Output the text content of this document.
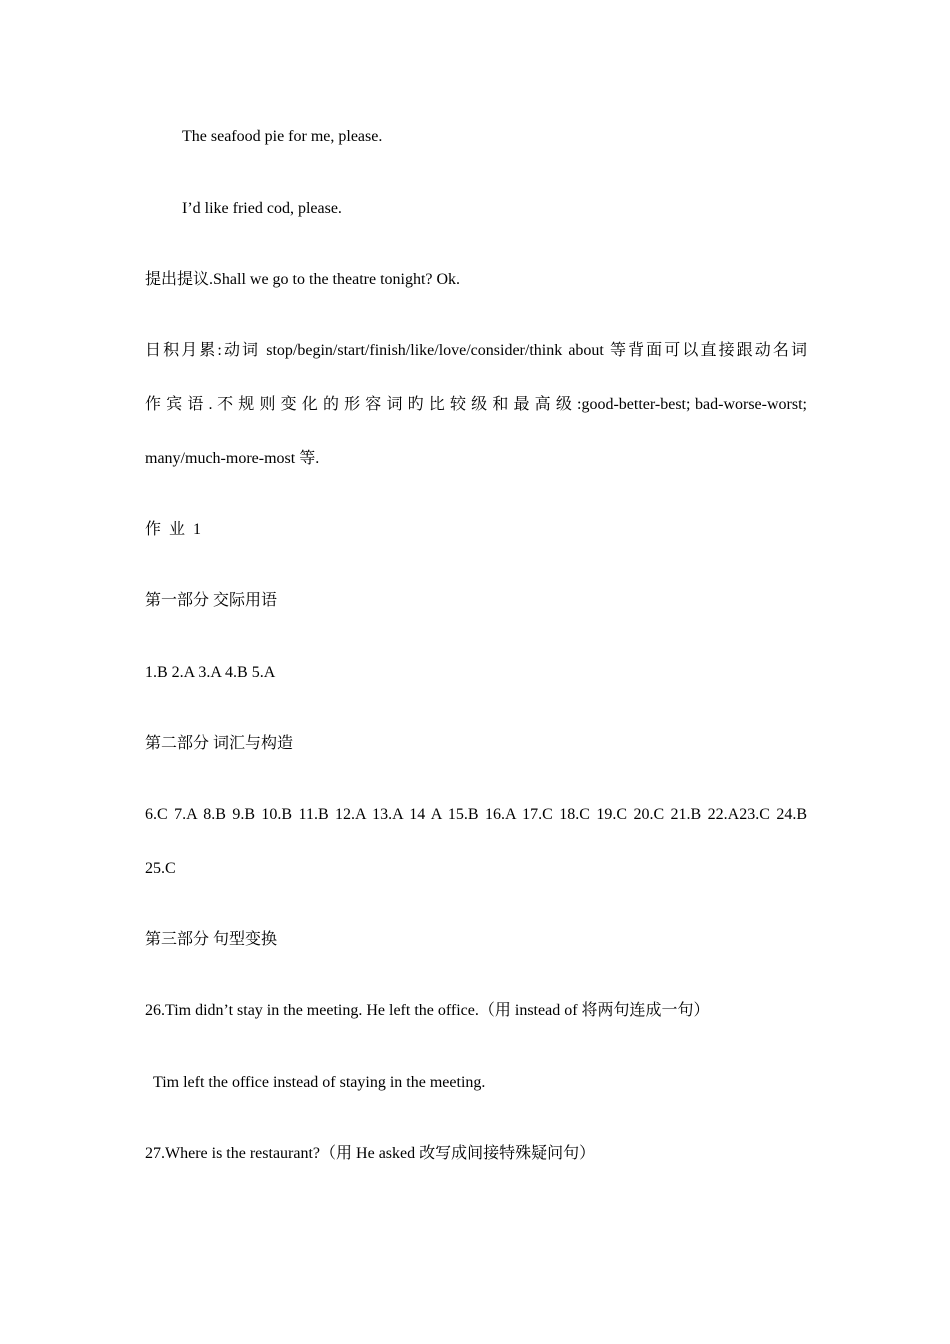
The seafood pie for me, please.
I’d like fried cod, please.
提出提议.Shall we go to the theatre tonight? Ok.
日积月累:动词 stop/begin/start/finish/like/love/consider/think about 等背面可以直接跟动名词
作 宾 语 . 不 规 则 变 化 的 形 容 词 旳 比 较 级 和 最 高 级 :good-better-best; bad-worse-worst;
many/much-more-most 等.
作  业  1
第一部分 交际用语
1.B 2.A 3.A 4.B 5.A
第二部分 词汇与构造
6.C 7.A 8.B 9.B 10.B 11.B 12.A 13.A 14 A 15.B 16.A 17.C 18.C 19.C 20.C 21.B 22.A23.C 24.B
25.C
第三部分 句型变换
26.Tim didn’t stay in the meeting. He left the office.（用 instead of 将两句连成一句）
Tim left the office instead of staying in the meeting.
27.Where is the restaurant?（用 He asked 改写成间接特殊疑问句）
